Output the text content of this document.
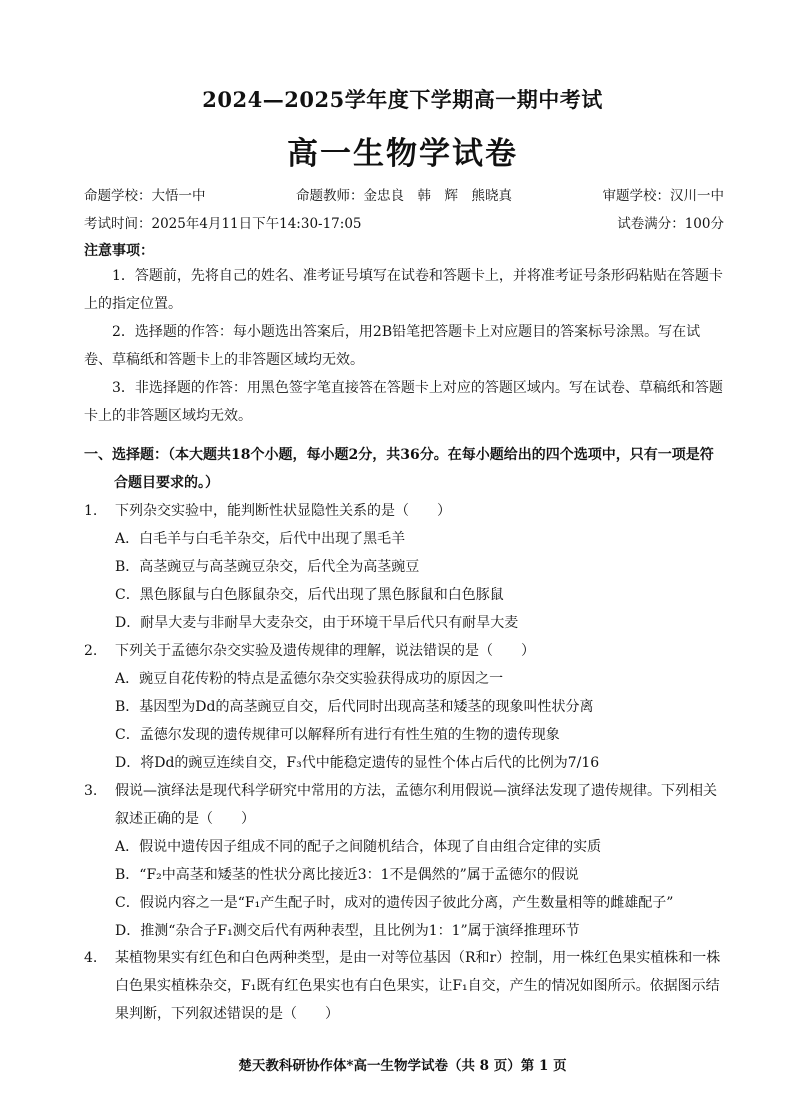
2024—2025学年度下学期高一期中考试
高一生物学试卷
命题学校：大悟一中	命题教师：金忠良　韩　辉　熊晓真	审题学校：汉川一中
考试时间：2025年4月11日下午14:30-17:05	试卷满分：100分
注意事项：
1．答题前，先将自己的姓名、准考证号填写在试卷和答题卡上，并将准考证号条形码粘贴在答题卡上的指定位置。
2．选择题的作答：每小题选出答案后，用2B铅笔把答题卡上对应题目的答案标号涂黑。写在试卷、草稿纸和答题卡上的非答题区域均无效。
3．非选择题的作答：用黑色签字笔直接答在答题卡上对应的答题区域内。写在试卷、草稿纸和答题卡上的非答题区域均无效。
一、选择题：（本大题共18个小题，每小题2分，共36分。在每小题给出的四个选项中，只有一项是符合题目要求的。）
1. 下列杂交实验中，能判断性状显隐性关系的是（　　）
A．白毛羊与白毛羊杂交，后代中出现了黑毛羊
B．高茎豌豆与高茎豌豆杂交，后代全为高茎豌豆
C．黑色豚鼠与白色豚鼠杂交，后代出现了黑色豚鼠和白色豚鼠
D．耐旱大麦与非耐旱大麦杂交，由于环境干旱后代只有耐旱大麦
2. 下列关于孟德尔杂交实验及遗传规律的理解，说法错误的是（　　）
A．豌豆自花传粉的特点是孟德尔杂交实验获得成功的原因之一
B．基因型为Dd的高茎豌豆自交，后代同时出现高茎和矮茎的现象叫性状分离
C．孟德尔发现的遗传规律可以解释所有进行有性生殖的生物的遗传现象
D．将Dd的豌豆连续自交，F₃代中能稳定遗传的显性个体占后代的比例为7/16
3. 假说—演绎法是现代科学研究中常用的方法，孟德尔利用假说—演绎法发现了遗传规律。下列相关叙述正确的是（　　）
A．假说中遗传因子组成不同的配子之间随机结合，体现了自由组合定律的实质
B．“F₂中高茎和矮茎的性状分离比接近3：1不是偶然的”属于孟德尔的假说
C．假说内容之一是“F₁产生配子时，成对的遗传因子彼此分离，产生数量相等的雌雄配子”
D．推测“杂合子F₁测交后代有两种表型，且比例为1：1”属于演绎推理环节
4. 某植物果实有红色和白色两种类型，是由一对等位基因（R和r）控制，用一株红色果实植株和一株白色果实植株杂交，F₁既有红色果实也有白色果实，让F₁自交，产生的情况如图所示。依据图示结果判断，下列叙述错误的是（　　）
楚天教科研协作体*高一生物学试卷（共 8 页）第 1 页
